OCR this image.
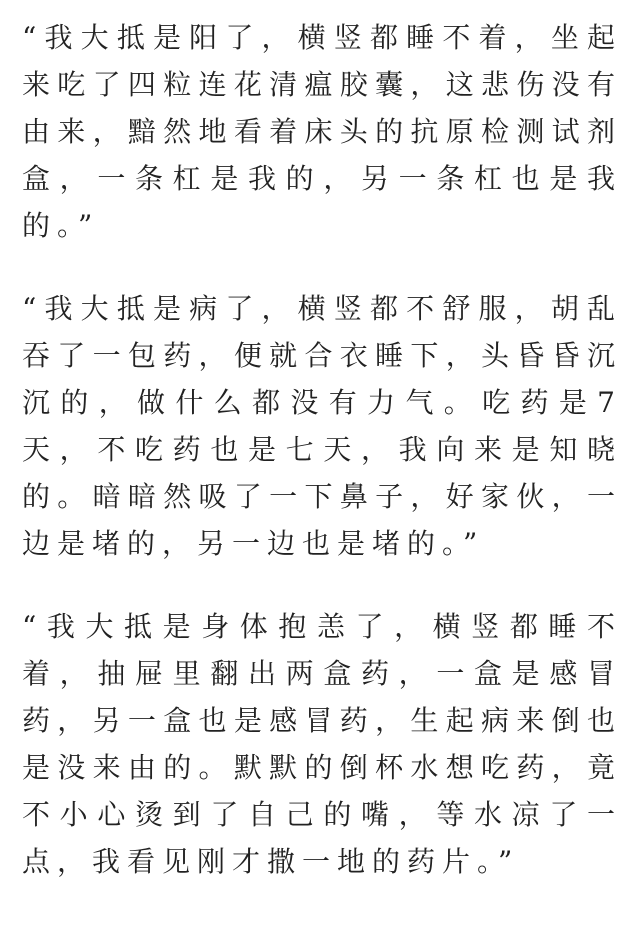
“我大抵是阳了，横竖都睡不着，坐起来吃了四粒连花清瘟胶囊，这悲伤没有由来，黯然地看着床头的抗原检测试剂盒，一条杠是我的，另一条杠也是我的。”

“我大抵是病了，横竖都不舒服，胡乱吞了一包药，便就合衣睡下，头昏昏沉沉的，做什么都没有力气。吃药是7天，不吃药也是七天，我向来是知晓的。暗暗然吸了一下鼻子，好家伙，一边是堵的，另一边也是堵的。”

“我大抵是身体抱恙了，横竖都睡不着，抽屉里翻出两盒药，一盒是感冒药，另一盒也是感冒药，生起病来倒也是没来由的。默默的倒杯水想吃药，竟不小心烫到了自己的嘴，等水凉了一点，我看见刚才撒一地的药片。”
